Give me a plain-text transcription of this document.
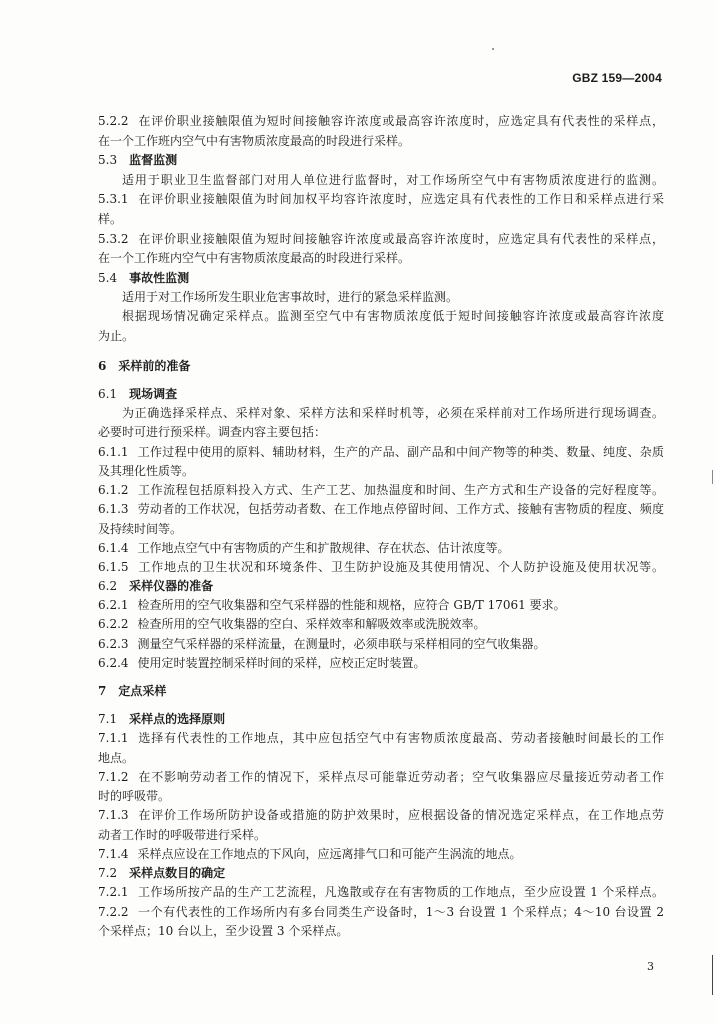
GBZ 159—2004
5.2.2 在评价职业接触限值为短时间接触容许浓度或最高容许浓度时，应选定具有代表性的采样点，
在一个工作班内空气中有害物质浓度最高的时段进行采样。
5.3 监督监测
适用于职业卫生监督部门对用人单位进行监督时，对工作场所空气中有害物质浓度进行的监测。
5.3.1 在评价职业接触限值为时间加权平均容许浓度时，应选定具有代表性的工作日和采样点进行采
样。
5.3.2 在评价职业接触限值为短时间接触容许浓度或最高容许浓度时，应选定具有代表性的采样点，
在一个工作班内空气中有害物质浓度最高的时段进行采样。
5.4 事故性监测
适用于对工作场所发生职业危害事故时，进行的紧急采样监测。
根据现场情况确定采样点。监测至空气中有害物质浓度低于短时间接触容许浓度或最高容许浓度
为止。
6 采样前的准备
6.1 现场调查
为正确选择采样点、采样对象、采样方法和采样时机等，必须在采样前对工作场所进行现场调查。
必要时可进行预采样。调查内容主要包括：
6.1.1 工作过程中使用的原料、辅助材料，生产的产品、副产品和中间产物等的种类、数量、纯度、杂质
及其理化性质等。
6.1.2 工作流程包括原料投入方式、生产工艺、加热温度和时间、生产方式和生产设备的完好程度等。
6.1.3 劳动者的工作状况，包括劳动者数、在工作地点停留时间、工作方式、接触有害物质的程度、频度
及持续时间等。
6.1.4 工作地点空气中有害物质的产生和扩散规律、存在状态、估计浓度等。
6.1.5 工作地点的卫生状况和环境条件、卫生防护设施及其使用情况、个人防护设施及使用状况等。
6.2 采样仪器的准备
6.2.1 检查所用的空气收集器和空气采样器的性能和规格，应符合 GB/T 17061 要求。
6.2.2 检查所用的空气收集器的空白、采样效率和解吸效率或洗脱效率。
6.2.3 测量空气采样器的采样流量，在测量时，必须串联与采样相同的空气收集器。
6.2.4 使用定时装置控制采样时间的采样，应校正定时装置。
7 定点采样
7.1 采样点的选择原则
7.1.1 选择有代表性的工作地点，其中应包括空气中有害物质浓度最高、劳动者接触时间最长的工作
地点。
7.1.2 在不影响劳动者工作的情况下，采样点尽可能靠近劳动者；空气收集器应尽量接近劳动者工作
时的呼吸带。
7.1.3 在评价工作场所防护设备或措施的防护效果时，应根据设备的情况选定采样点，在工作地点劳
动者工作时的呼吸带进行采样。
7.1.4 采样点应设在工作地点的下风向，应远离排气口和可能产生涡流的地点。
7.2 采样点数目的确定
7.2.1 工作场所按产品的生产工艺流程，凡逸散或存在有害物质的工作地点，至少应设置 1 个采样点。
7.2.2 一个有代表性的工作场所内有多台同类生产设备时，1～3 台设置 1 个采样点；4～10 台设置 2
个采样点；10 台以上，至少设置 3 个采样点。
3
